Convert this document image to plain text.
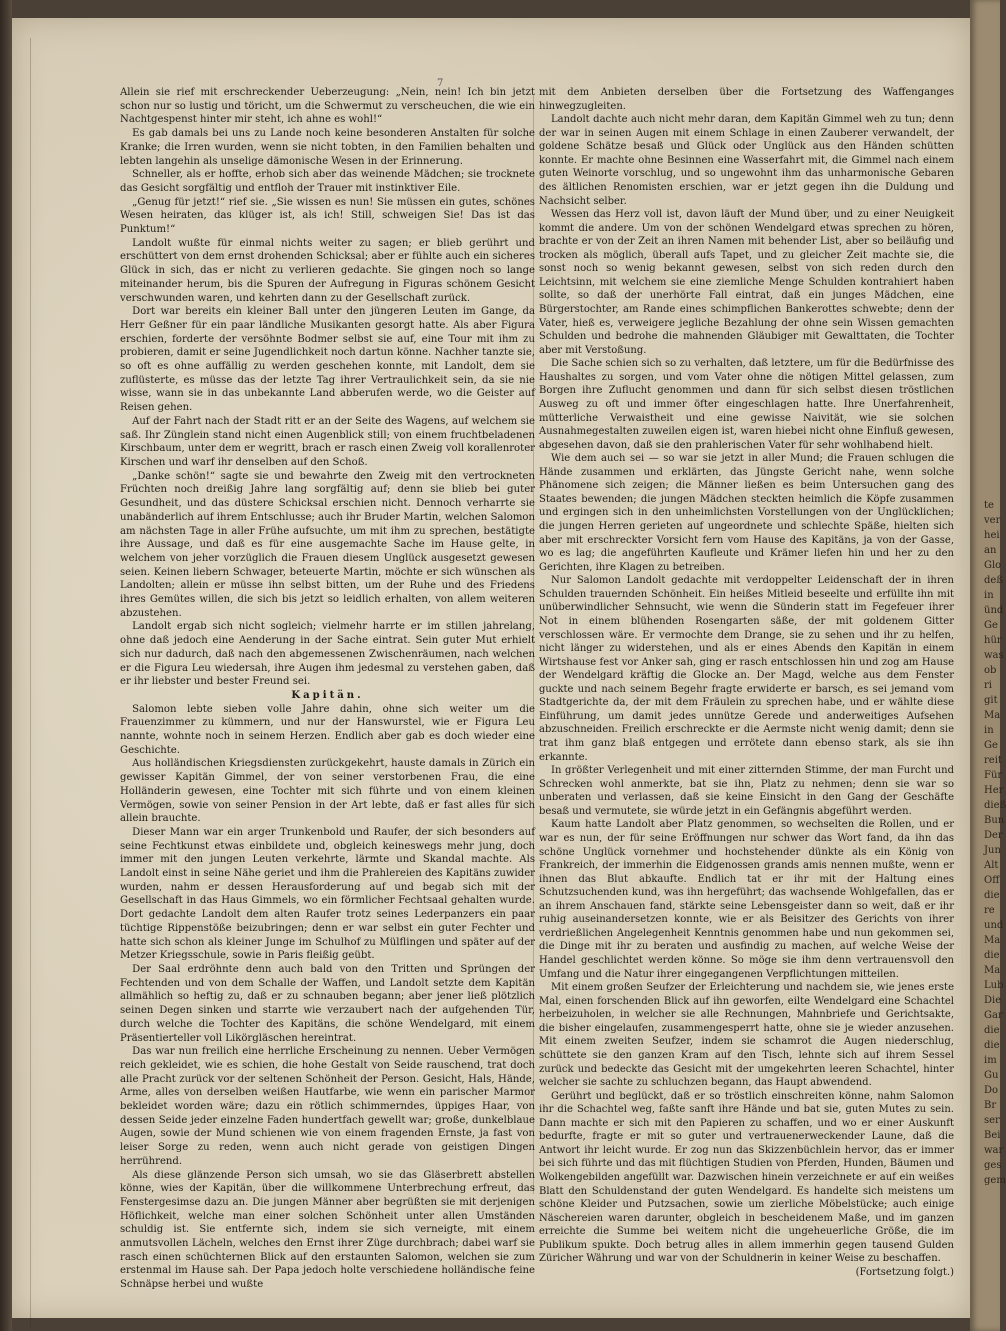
7

Allein sie rief mit erschreckender Ueberzeugung: „Nein, nein! Ich bin jetzt schon nur so lustig und töricht, um die Schwermut zu verscheuchen, die wie ein Nachtgespenst hinter mir steht, ich ahne es wohl!“

Es gab damals bei uns zu Lande noch keine besonderen Anstalten für solche Kranke; die Irren wurden, wenn sie nicht tobten, in den Familien behalten und lebten langehin als unselige dämonische Wesen in der Erinnerung.

Schneller, als er hoffte, erhob sich aber das weinende Mädchen; sie trocknete das Gesicht sorgfältig und entfloh der Trauer mit instinktiver Eile.

„Genug für jetzt!“ rief sie. „Sie wissen es nun! Sie müssen ein gutes, schönes Wesen heiraten, das klüger ist, als ich! Still, schweigen Sie! Das ist das Punktum!“

Landolt wußte für einmal nichts weiter zu sagen; er blieb gerührt und erschüttert von dem ernst drohenden Schicksal; aber er fühlte auch ein sicheres Glück in sich, das er nicht zu verlieren gedachte. Sie gingen noch so lange miteinander herum, bis die Spuren der Aufregung in Figuras schönem Gesicht verschwunden waren, und kehrten dann zu der Gesellschaft zurück.

Dort war bereits ein kleiner Ball unter den jüngeren Leuten im Gange, da Herr Geßner für ein paar ländliche Musikanten gesorgt hatte. Als aber Figura erschien, forderte der versöhnte Bodmer selbst sie auf, eine Tour mit ihm zu probieren, damit er seine Jugendlichkeit noch dartun könne. Nachher tanzte sie, so oft es ohne auffällig zu werden geschehen konnte, mit Landolt, dem sie zuflüsterte, es müsse das der letzte Tag ihrer Vertraulichkeit sein, da sie nie wisse, wann sie in das unbekannte Land abberufen werde, wo die Geister auf Reisen gehen.

Auf der Fahrt nach der Stadt ritt er an der Seite des Wagens, auf welchem sie saß. Ihr Zünglein stand nicht einen Augenblick still; von einem fruchtbeladenen Kirschbaum, unter dem er wegritt, brach er rasch einen Zweig voll korallenroter Kirschen und warf ihr denselben auf den Schoß.

„Danke schön!“ sagte sie und bewahrte den Zweig mit den vertrockneten Früchten noch dreißig Jahre lang sorgfältig auf; denn sie blieb bei guter Gesundheit, und das düstere Schicksal erschien nicht. Dennoch verharrte sie unabänderlich auf ihrem Entschlusse; auch ihr Bruder Martin, welchen Salomon am nächsten Tage in aller Frühe aufsuchte, um mit ihm zu sprechen, bestätigte ihre Aussage, und daß es für eine ausgemachte Sache im Hause gelte, in welchem von jeher vorzüglich die Frauen diesem Unglück ausgesetzt gewesen seien. Keinen liebern Schwager, beteuerte Martin, möchte er sich wünschen als Landolten; allein er müsse ihn selbst bitten, um der Ruhe und des Friedens ihres Gemütes willen, die sich bis jetzt so leidlich erhalten, von allem weiteren abzustehen.

Landolt ergab sich nicht sogleich; vielmehr harrte er im stillen jahrelang, ohne daß jedoch eine Aenderung in der Sache eintrat. Sein guter Mut erhielt sich nur dadurch, daß nach den abgemessenen Zwischenräumen, nach welchen er die Figura Leu wiedersah, ihre Augen ihm jedesmal zu verstehen gaben, daß er ihr liebster und bester Freund sei.

Kapitän.

Salomon lebte sieben volle Jahre dahin, ohne sich weiter um die Frauenzimmer zu kümmern, und nur der Hanswurstel, wie er Figura Leu nannte, wohnte noch in seinem Herzen. Endlich aber gab es doch wieder eine Geschichte.

Aus holländischen Kriegsdiensten zurückgekehrt, hauste damals in Zürich ein gewisser Kapitän Gimmel, der von seiner verstorbenen Frau, die eine Holländerin gewesen, eine Tochter mit sich führte und von einem kleinen Vermögen, sowie von seiner Pension in der Art lebte, daß er fast alles für sich allein brauchte.

Dieser Mann war ein arger Trunkenbold und Raufer, der sich besonders auf seine Fechtkunst etwas einbildete und, obgleich keineswegs mehr jung, doch immer mit den jungen Leuten verkehrte, lärmte und Skandal machte. Als Landolt einst in seine Nähe geriet und ihm die Prahlereien des Kapitäns zuwider wurden, nahm er dessen Herausforderung auf und begab sich mit der Gesellschaft in das Haus Gimmels, wo ein förmlicher Fechtsaal gehalten wurde. Dort gedachte Landolt dem alten Raufer trotz seines Lederpanzers ein paar tüchtige Rippenstöße beizubringen; denn er war selbst ein guter Fechter und hatte sich schon als kleiner Junge im Schulhof zu Mülflingen und später auf der Metzer Kriegsschule, sowie in Paris fleißig geübt.

Der Saal erdröhnte denn auch bald von den Tritten und Sprüngen der Fechtenden und von dem Schalle der Waffen, und Landolt setzte dem Kapitän allmählich so heftig zu, daß er zu schnauben begann; aber jener ließ plötzlich seinen Degen sinken und starrte wie verzaubert nach der aufgehenden Tür, durch welche die Tochter des Kapitäns, die schöne Wendelgard, mit einem Präsentierteller voll Likörgläschen hereintrat.

Das war nun freilich eine herrliche Erscheinung zu nennen. Ueber Vermögen reich gekleidet, wie es schien, die hohe Gestalt von Seide rauschend, trat doch alle Pracht zurück vor der seltenen Schönheit der Person. Gesicht, Hals, Hände, Arme, alles von derselben weißen Hautfarbe, wie wenn ein parischer Marmor bekleidet worden wäre; dazu ein rötlich schimmerndes, üppiges Haar, von dessen Seide jeder einzelne Faden hundertfach gewellt war; große, dunkelblaue Augen, sowie der Mund schienen wie von einem fragenden Ernste, ja fast von leiser Sorge zu reden, wenn auch nicht gerade von geistigen Dingen herrührend.

Als diese glänzende Person sich umsah, wo sie das Gläserbrett abstellen könne, wies der Kapitän, über die willkommene Unterbrechung erfreut, das Fenstergesimse dazu an. Die jungen Männer aber begrüßten sie mit derjenigen Höflichkeit, welche man einer solchen Schönheit unter allen Umständen schuldig ist. Sie entfernte sich, indem sie sich verneigte, mit einem anmutsvollen Lächeln, welches den Ernst ihrer Züge durchbrach; dabei warf sie rasch einen schüchternen Blick auf den erstaunten Salomon, welchen sie zum erstenmal im Hause sah. Der Papa jedoch holte verschiedene holländische feine Schnäpse herbei und wußte

mit dem Anbieten derselben über die Fortsetzung des Waffenganges hinwegzugleiten.

Landolt dachte auch nicht mehr daran, dem Kapitän Gimmel weh zu tun; denn der war in seinen Augen mit einem Schlage in einen Zauberer verwandelt, der goldene Schätze besaß und Glück oder Unglück aus den Händen schütten konnte. Er machte ohne Besinnen eine Wasserfahrt mit, die Gimmel nach einem guten Weinorte vorschlug, und so ungewohnt ihm das unharmonische Gebaren des ältlichen Renomisten erschien, war er jetzt gegen ihn die Duldung und Nachsicht selber.

Wessen das Herz voll ist, davon läuft der Mund über, und zu einer Neuigkeit kommt die andere. Um von der schönen Wendelgard etwas sprechen zu hören, brachte er von der Zeit an ihren Namen mit behender List, aber so beiläufig und trocken als möglich, überall aufs Tapet, und zu gleicher Zeit machte sie, die sonst noch so wenig bekannt gewesen, selbst von sich reden durch den Leichtsinn, mit welchem sie eine ziemliche Menge Schulden kontrahiert haben sollte, so daß der unerhörte Fall eintrat, daß ein junges Mädchen, eine Bürgerstochter, am Rande eines schimpflichen Bankerottes schwebte; denn der Vater, hieß es, verweigere jegliche Bezahlung der ohne sein Wissen gemachten Schulden und bedrohe die mahnenden Gläubiger mit Gewalttaten, die Tochter aber mit Verstoßung.

Die Sache schien sich so zu verhalten, daß letztere, um für die Bedürfnisse des Haushaltes zu sorgen, und vom Vater ohne die nötigen Mittel gelassen, zum Borgen ihre Zuflucht genommen und dann für sich selbst diesen tröstlichen Ausweg zu oft und immer öfter eingeschlagen hatte. Ihre Unerfahrenheit, mütterliche Verwaistheit und eine gewisse Naivität, wie sie solchen Ausnahmegestalten zuweilen eigen ist, waren hiebei nicht ohne Einfluß gewesen, abgesehen davon, daß sie den prahlerischen Vater für sehr wohlhabend hielt.

Wie dem auch sei — so war sie jetzt in aller Mund; die Frauen schlugen die Hände zusammen und erklärten, das Jüngste Gericht nahe, wenn solche Phänomene sich zeigen; die Männer ließen es beim Untersuchen gang des Staates bewenden; die jungen Mädchen steckten heimlich die Köpfe zusammen und ergingen sich in den unheimlichsten Vorstellungen von der Unglücklichen; die jungen Herren gerieten auf ungeordnete und schlechte Späße, hielten sich aber mit erschreckter Vorsicht fern vom Hause des Kapitäns, ja von der Gasse, wo es lag; die angeführten Kaufleute und Krämer liefen hin und her zu den Gerichten, ihre Klagen zu betreiben.

Nur Salomon Landolt gedachte mit verdoppelter Leidenschaft der in ihren Schulden trauernden Schönheit. Ein heißes Mitleid beseelte und erfüllte ihn mit unüberwindlicher Sehnsucht, wie wenn die Sünderin statt im Fegefeuer ihrer Not in einem blühenden Rosengarten säße, der mit goldenem Gitter verschlossen wäre. Er vermochte dem Drange, sie zu sehen und ihr zu helfen, nicht länger zu widerstehen, und als er eines Abends den Kapitän in einem Wirtshause fest vor Anker sah, ging er rasch entschlossen hin und zog am Hause der Wendelgard kräftig die Glocke an. Der Magd, welche aus dem Fenster guckte und nach seinem Begehr fragte erwiderte er barsch, es sei jemand vom Stadtgerichte da, der mit dem Fräulein zu sprechen habe, und er wählte diese Einführung, um damit jedes unnütze Gerede und anderweitiges Aufsehen abzuschneiden. Freilich erschreckte er die Aermste nicht wenig damit; denn sie trat ihm ganz blaß entgegen und errötete dann ebenso stark, als sie ihn erkannte.

In größter Verlegenheit und mit einer zitternden Stimme, der man Furcht und Schrecken wohl anmerkte, bat sie ihn, Platz zu nehmen; denn sie war so unberaten und verlassen, daß sie keine Einsicht in den Gang der Geschäfte besaß und vermutete, sie würde jetzt in ein Gefängnis abgeführt werden.

Kaum hatte Landolt aber Platz genommen, so wechselten die Rollen, und er war es nun, der für seine Eröffnungen nur schwer das Wort fand, da ihn das schöne Unglück vornehmer und hochstehender dünkte als ein König von Frankreich, der immerhin die Eidgenossen grands amis nennen mußte, wenn er ihnen das Blut abkaufte. Endlich tat er ihr mit der Haltung eines Schutzsuchenden kund, was ihn hergeführt; das wachsende Wohlgefallen, das er an ihrem Anschauen fand, stärkte seine Lebensgeister dann so weit, daß er ihr ruhig auseinandersetzen konnte, wie er als Beisitzer des Gerichts von ihrer verdrießlichen Angelegenheit Kenntnis genommen habe und nun gekommen sei, die Dinge mit ihr zu beraten und ausfindig zu machen, auf welche Weise der Handel geschlichtet werden könne. So möge sie ihm denn vertrauensvoll den Umfang und die Natur ihrer eingegangenen Verpflichtungen mitteilen.

Mit einem großen Seufzer der Erleichterung und nachdem sie, wie jenes erste Mal, einen forschenden Blick auf ihn geworfen, eilte Wendelgard eine Schachtel herbeizuholen, in welcher sie alle Rechnungen, Mahnbriefe und Gerichtsakte, die bisher eingelaufen, zusammengesperrt hatte, ohne sie je wieder anzusehen. Mit einem zweiten Seufzer, indem sie schamrot die Augen niederschlug, schüttete sie den ganzen Kram auf den Tisch, lehnte sich auf ihrem Sessel zurück und bedeckte das Gesicht mit der umgekehrten leeren Schachtel, hinter welcher sie sachte zu schluchzen begann, das Haupt abwendend.

Gerührt und beglückt, daß er so tröstlich einschreiten könne, nahm Salomon ihr die Schachtel weg, faßte sanft ihre Hände und bat sie, guten Mutes zu sein. Dann machte er sich mit den Papieren zu schaffen, und wo er einer Auskunft bedurfte, fragte er mit so guter und vertrauenerweckender Laune, daß die Antwort ihr leicht wurde. Er zog nun das Skizzenbüchlein hervor, das er immer bei sich führte und das mit flüchtigen Studien von Pferden, Hunden, Bäumen und Wolkengebilden angefüllt war. Dazwischen hinein verzeichnete er auf ein weißes Blatt den Schuldenstand der guten Wendelgard. Es handelte sich meistens um schöne Kleider und Putzsachen, sowie um zierliche Möbelstücke; auch einige Näschereien waren darunter, obgleich in bescheidenem Maße, und im ganzen erreichte die Summe bei weitem nicht die ungeheuerliche Größe, die im Publikum spukte. Doch betrug alles in allem immerhin gegen tausend Gulden Züricher Währung und war von der Schuldnerin in keiner Weise zu beschaffen.

(Fortsetzung folgt.)

te
ver
hei
an
Glo
deß
in
ünd
Ge
hür
was
ob
ri
git
Ma
in
Ge
reit
Für
Her
dieß
Bun
Der
Jun
Alt
Off
die
re
und
Ma
die
Ma
Lub
Die
Gar
die
die
im
Gu
Do
Br
ser
Bei
war
ges
gem
